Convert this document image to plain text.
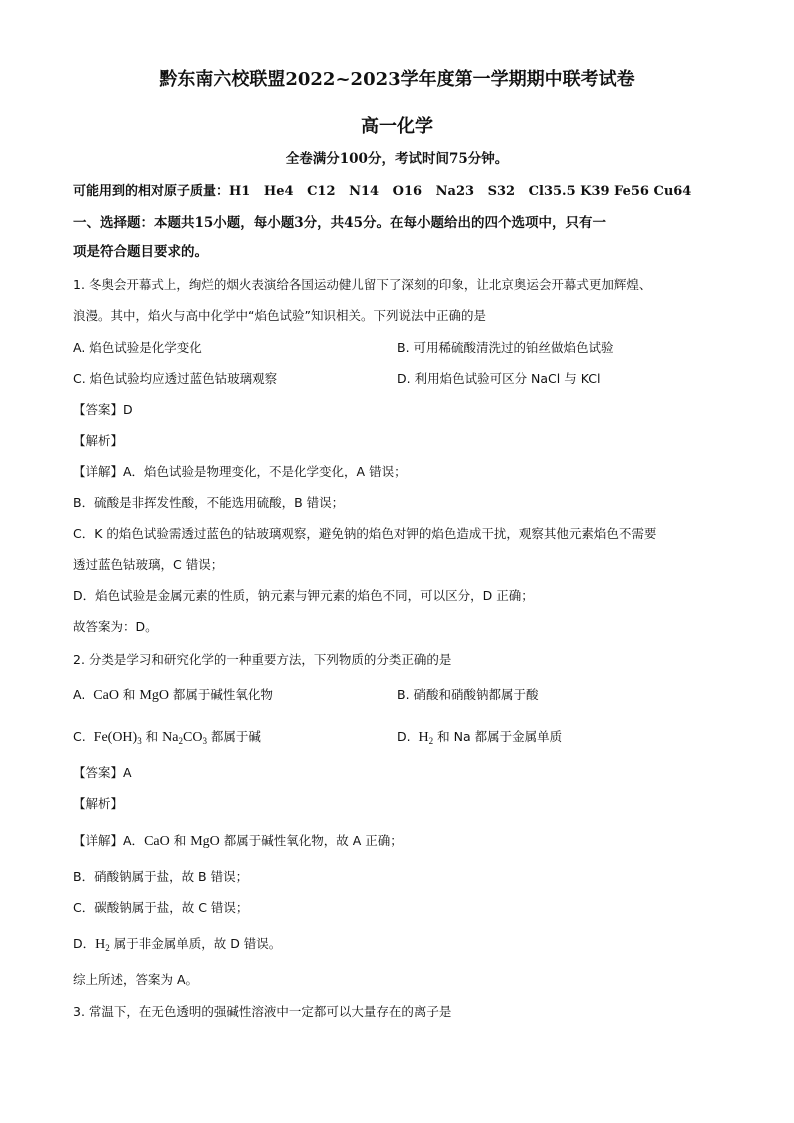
黔东南六校联盟2022~2023学年度第一学期期中联考试卷
高一化学
全卷满分100分，考试时间75分钟。
可能用到的相对原子质量：H1   He4   C12   N14   O16   Na23   S32   Cl35.5 K39 Fe56 Cu64
一、选择题：本题共15小题，每小题3分，共45分。在每小题给出的四个选项中，只有一
项是符合题目要求的。
1. 冬奥会开幕式上，绚烂的烟火表演给各国运动健儿留下了深刻的印象，让北京奥运会开幕式更加辉煌、
浪漫。其中，焰火与高中化学中“焰色试验”知识相关。下列说法中正确的是
A. 焰色试验是化学变化	B. 可用稀硫酸清洗过的铂丝做焰色试验
C. 焰色试验均应透过蓝色钴玻璃观察	D. 利用焰色试验可区分 NaCl 与 KCl
【答案】D
【解析】
【详解】A．焰色试验是物理变化，不是化学变化，A 错误；
B．硫酸是非挥发性酸，不能选用硫酸，B 错误；
C．K 的焰色试验需透过蓝色的钴玻璃观察，避免钠的焰色对钾的焰色造成干扰，观察其他元素焰色不需要
透过蓝色钴玻璃，C 错误；
D．焰色试验是金属元素的性质，钠元素与钾元素的焰色不同，可以区分，D 正确；
故答案为：D。
2. 分类是学习和研究化学的一种重要方法，下列物质的分类正确的是
A.  CaO 和 MgO 都属于碱性氧化物	B. 硝酸和硝酸钠都属于酸
C.  $Fe(OH)_3$ 和 $Na_2CO_3$ 都属于碱	D.  $H_2$ 和 Na 都属于金属单质
【答案】A
【解析】
【详解】A．CaO 和 MgO 都属于碱性氧化物，故 A 正确；
B．硝酸钠属于盐，故 B 错误；
C．碳酸钠属于盐，故 C 错误；
D．$H_2$ 属于非金属单质，故 D 错误。
综上所述，答案为 A。
3. 常温下，在无色透明的强碱性溶液中一定都可以大量存在的离子是
